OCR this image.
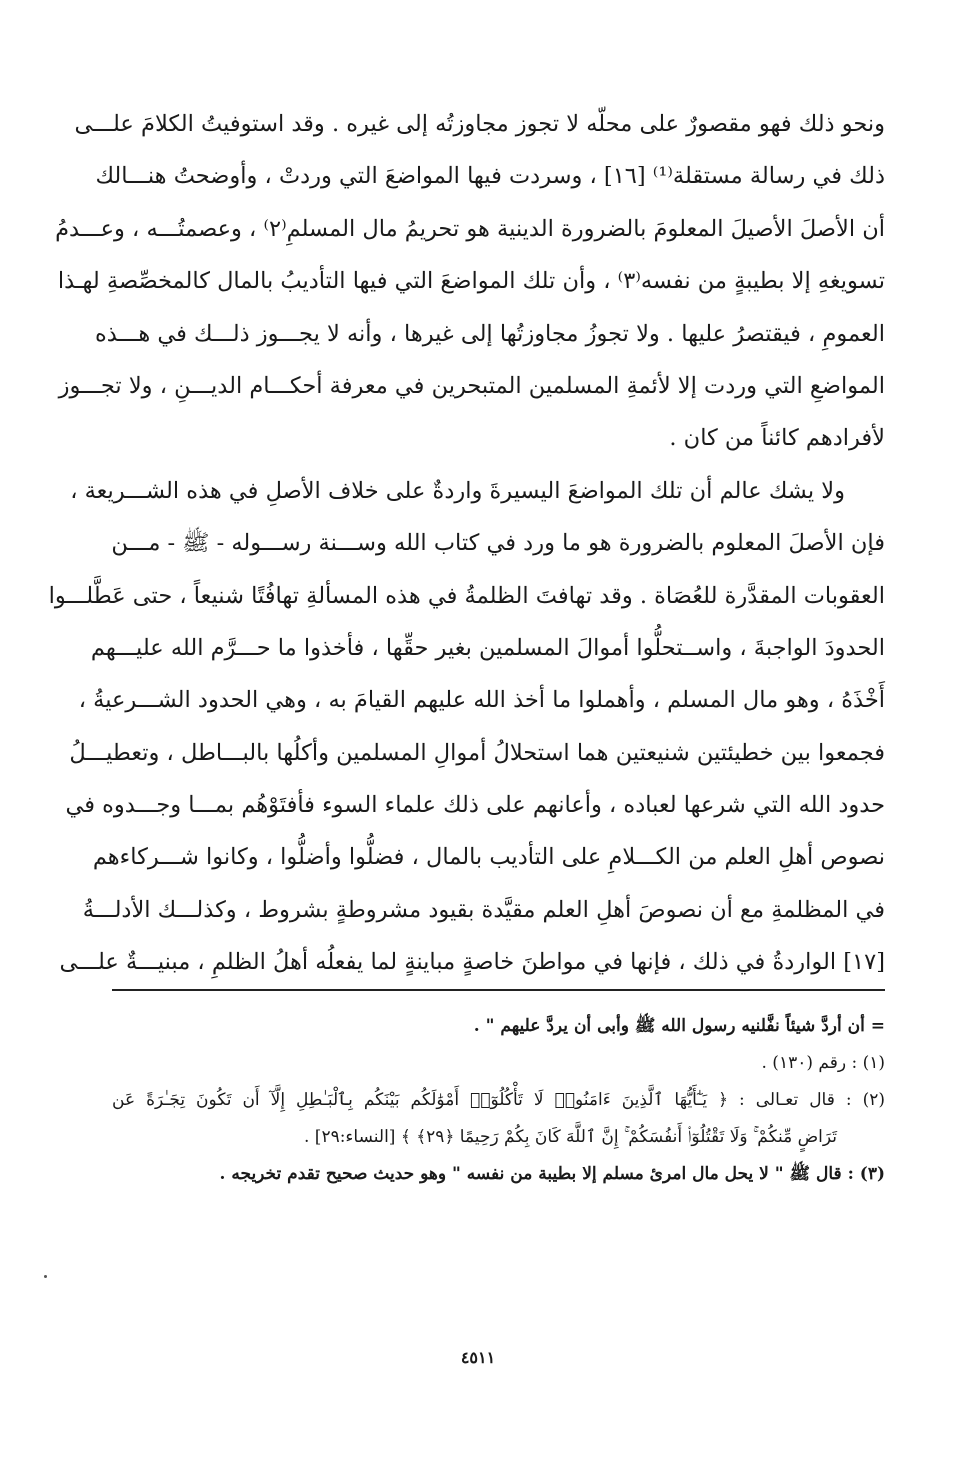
ونحو ذلك فهو مقصورٌ على محلّه لا تجوز مجاوزتُه إلى غيره . وقد استوفيتُ الكلامَ علـــى
ذلك في رسالة مستقلة⁽¹⁾ [١٦] ، وسردت فيها المواضعَ التي وردتْ ، وأوضحتُ هنـــالك
أن الأصلَ الأصيلَ المعلومَ بالضرورة الدينية هو تحريمُ مال المسلمِ⁽٢⁾ ، وعصمتُـــه ، وعـــدمُ
تسويغهِ إلا بطيبةٍ من نفسه⁽٣⁾ ، وأن تلك المواضعَ التي فيها التأديبُ بالمال كالمخصِّصةِ لهـذا
العمومِ ، فيقتصرُ عليها . ولا تجوزُ مجاوزتُها إلى غيرها ، وأنه لا يجـــوز ذلـــك في هـــذه
المواضعِ التي وردت إلا لأئمةِ المسلمين المتبحرين في معرفة أحكـــام الديـــنِ ، ولا تجـــوز
لأفرادهم كائناً من كان .
ولا يشك عالم أن تلك المواضعَ اليسيرةَ واردةٌ على خلاف الأصلِ في هذه الشـــريعة ،
فإن الأصلَ المعلوم بالضرورة هو ما ورد في كتاب الله وســـنة رســـوله - ﷺ - مـــن
العقوبات المقدَّرة للعُصَاة . وقد تهافتَ الظلمةُ في هذه المسألةِ تهافُتًا شنيعاً ، حتى عَطَّلـــوا
الحدودَ الواجبةَ ، واســتحلُّوا أموالَ المسلمين بغير حقِّها ، فأخذوا ما حـــرَّم الله عليـــهم
أَخْذَهُ ، وهو مال المسلم ، وأهملوا ما أخذ الله عليهم القيامَ به ، وهي الحدود الشـــرعيةُ ،
فجمعوا بين خطيئتين شنيعتين هما استحلالُ أموالِ المسلمين وأكلُها بالبـــاطل ، وتعطيـــلُ
حدود الله التي شرعها لعباده ، وأعانهم على ذلك علماء السوء فأفتَوْهُم بمـــا وجـــدوه في
نصوص أهلِ العلم من الكـــلامِ على التأديب بالمال ، فضلُّوا وأضلُّوا ، وكانوا شـــركاءهم
في المظلمةِ مع أن نصوصَ أهلِ العلم مقيَّدة بقيود مشروطةٍ بشروط ، وكذلـــك الأدلـــةُ
[١٧] الواردةُ في ذلك ، فإنها في مواطنَ خاصةٍ مباينةٍ لما يفعلُه أهلُ الظلمِ ، مبنيـــةٌ علـــى
= أن أردَّ شيئاً نفَّلنيه رسول الله ﷺ وأبى أن يردَّ عليهم " .
(١) : رقم (١٣٠) .
(٢) : قال تعـالى : ﴿ يَـٰٓأَيُّهَا ٱلَّذِينَ ءَامَنُوا۟ لَا تَأْكُلُوٓا۟ أَمْوَٰلَكُم بَيْنَكُم بِٱلْبَـٰطِلِ إِلَّآ أَن تَكُونَ تِجَـٰرَةً عَن
تَرَاضٍ مِّنكُمْ ۚ وَلَا تَقْتُلُوٓا۟ أَنفُسَكُمْ ۚ إِنَّ ٱللَّهَ كَانَ بِكُمْ رَحِيمًا ﴿٢٩﴾ ﴾ [النساء:٢٩] .
(٣) : قال ﷺ " لا يحل مال امرئ مسلم إلا بطيبة من نفسه " وهو حديث صحيح تقدم تخريجه .
٤٥١١
